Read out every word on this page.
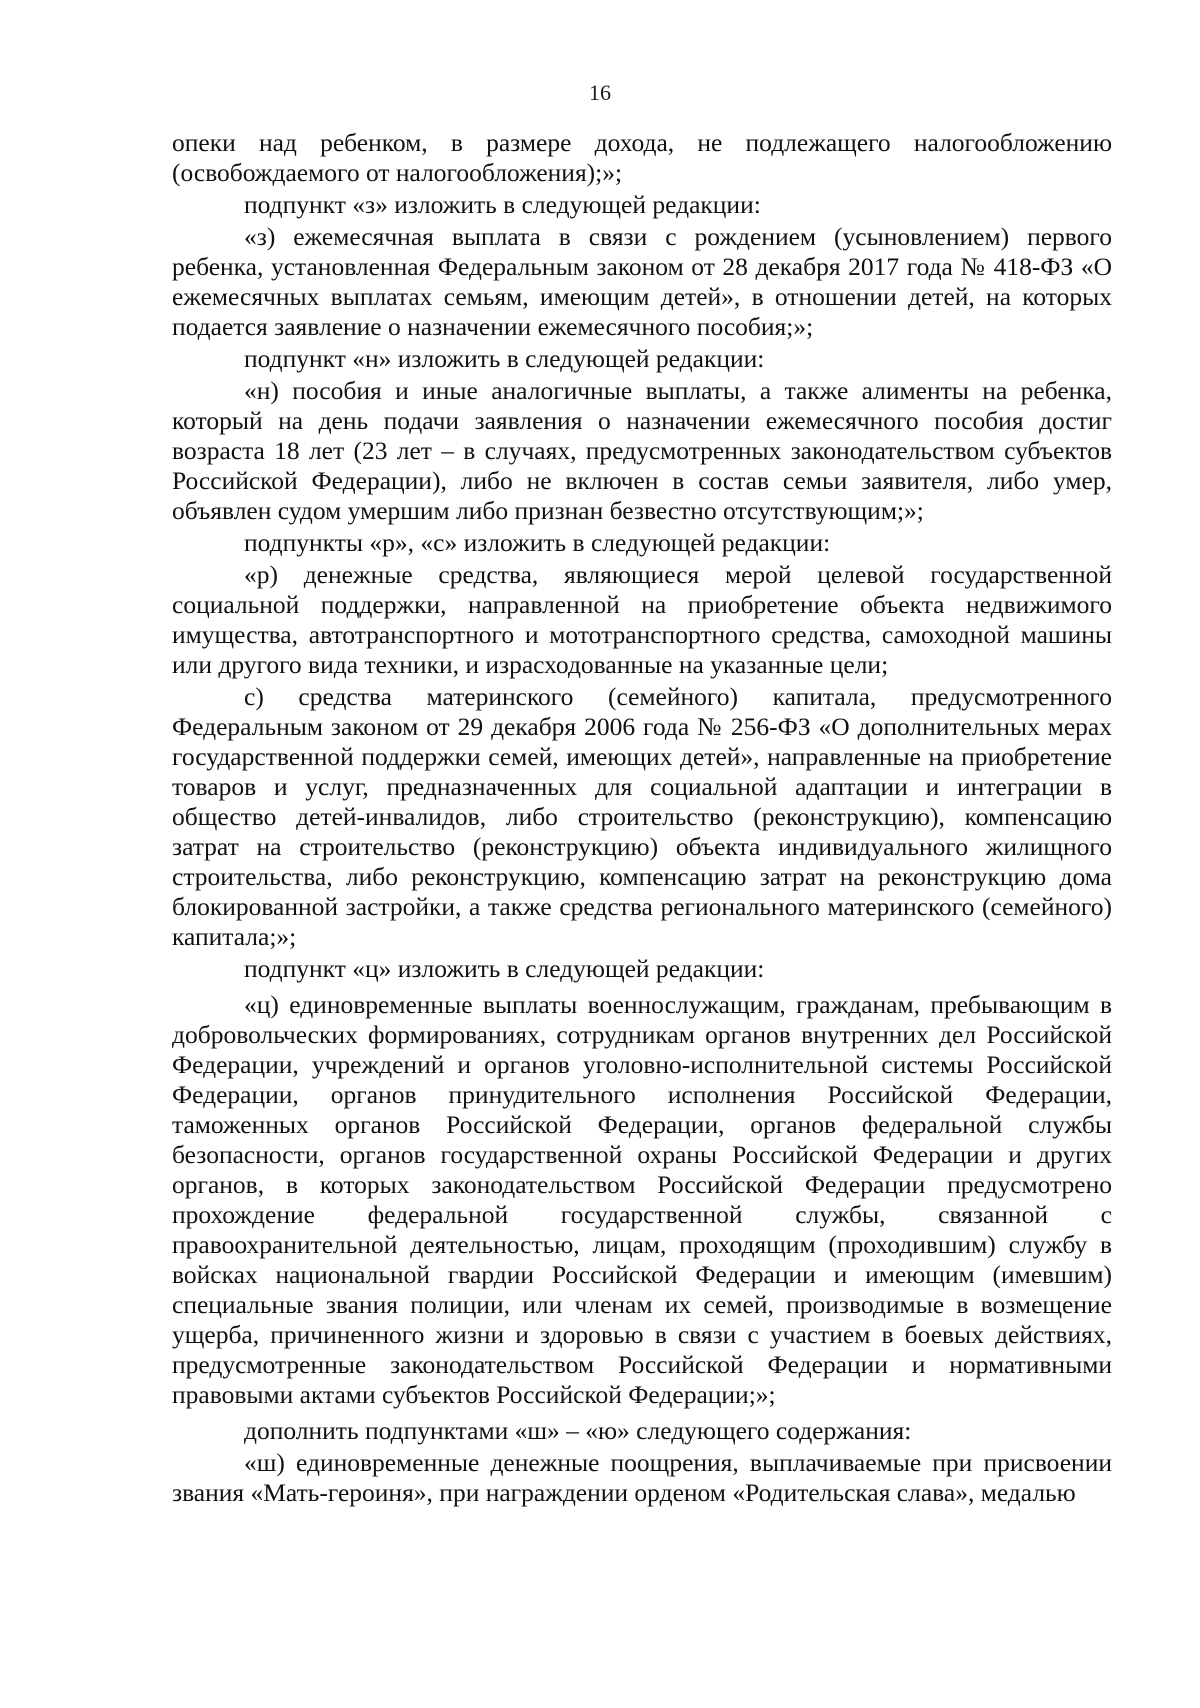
16

опеки над ребенком, в размере дохода, не подлежащего налогообложению (освобождаемого от налогообложения);»;

подпункт «з» изложить в следующей редакции:

«з) ежемесячная выплата в связи с рождением (усыновлением) первого ребенка, установленная Федеральным законом от 28 декабря 2017 года № 418-ФЗ «О ежемесячных выплатах семьям, имеющим детей», в отношении детей, на которых подается заявление о назначении ежемесячного пособия;»;

подпункт «н» изложить в следующей редакции:

«н) пособия и иные аналогичные выплаты, а также алименты на ребенка, который на день подачи заявления о назначении ежемесячного пособия достиг возраста 18 лет (23 лет – в случаях, предусмотренных законодательством субъектов Российской Федерации), либо не включен в состав семьи заявителя, либо умер, объявлен судом умершим либо признан безвестно отсутствующим;»;

подпункты «р», «с» изложить в следующей редакции:

«р) денежные средства, являющиеся мерой целевой государственной социальной поддержки, направленной на приобретение объекта недвижимого имущества, автотранспортного и мототранспортного средства, самоходной машины или другого вида техники, и израсходованные на указанные цели;

с) средства материнского (семейного) капитала, предусмотренного Федеральным законом от 29 декабря 2006 года № 256-ФЗ «О дополнительных мерах государственной поддержки семей, имеющих детей», направленные на приобретение товаров и услуг, предназначенных для социальной адаптации и интеграции в общество детей-инвалидов, либо строительство (реконструкцию), компенсацию затрат на строительство (реконструкцию) объекта индивидуального жилищного строительства, либо реконструкцию, компенсацию затрат на реконструкцию дома блокированной застройки, а также средства регионального материнского (семейного) капитала;»;

подпункт «ц» изложить в следующей редакции:

«ц) единовременные выплаты военнослужащим, гражданам, пребывающим в добровольческих формированиях, сотрудникам органов внутренних дел Российской Федерации, учреждений и органов уголовно-исполнительной системы Российской Федерации, органов принудительного исполнения Российской Федерации, таможенных органов Российской Федерации, органов федеральной службы безопасности, органов государственной охраны Российской Федерации и других органов, в которых законодательством Российской Федерации предусмотрено прохождение федеральной государственной службы, связанной с правоохранительной деятельностью, лицам, проходящим (проходившим) службу в войсках национальной гвардии Российской Федерации и имеющим (имевшим) специальные звания полиции, или членам их семей, производимые в возмещение ущерба, причиненного жизни и здоровью в связи с участием в боевых действиях, предусмотренные законодательством Российской Федерации и нормативными правовыми актами субъектов Российской Федерации;»;

дополнить подпунктами «ш» – «ю» следующего содержания:

«ш) единовременные денежные поощрения, выплачиваемые при присвоении звания «Мать-героиня», при награждении орденом «Родительская слава», медалью
